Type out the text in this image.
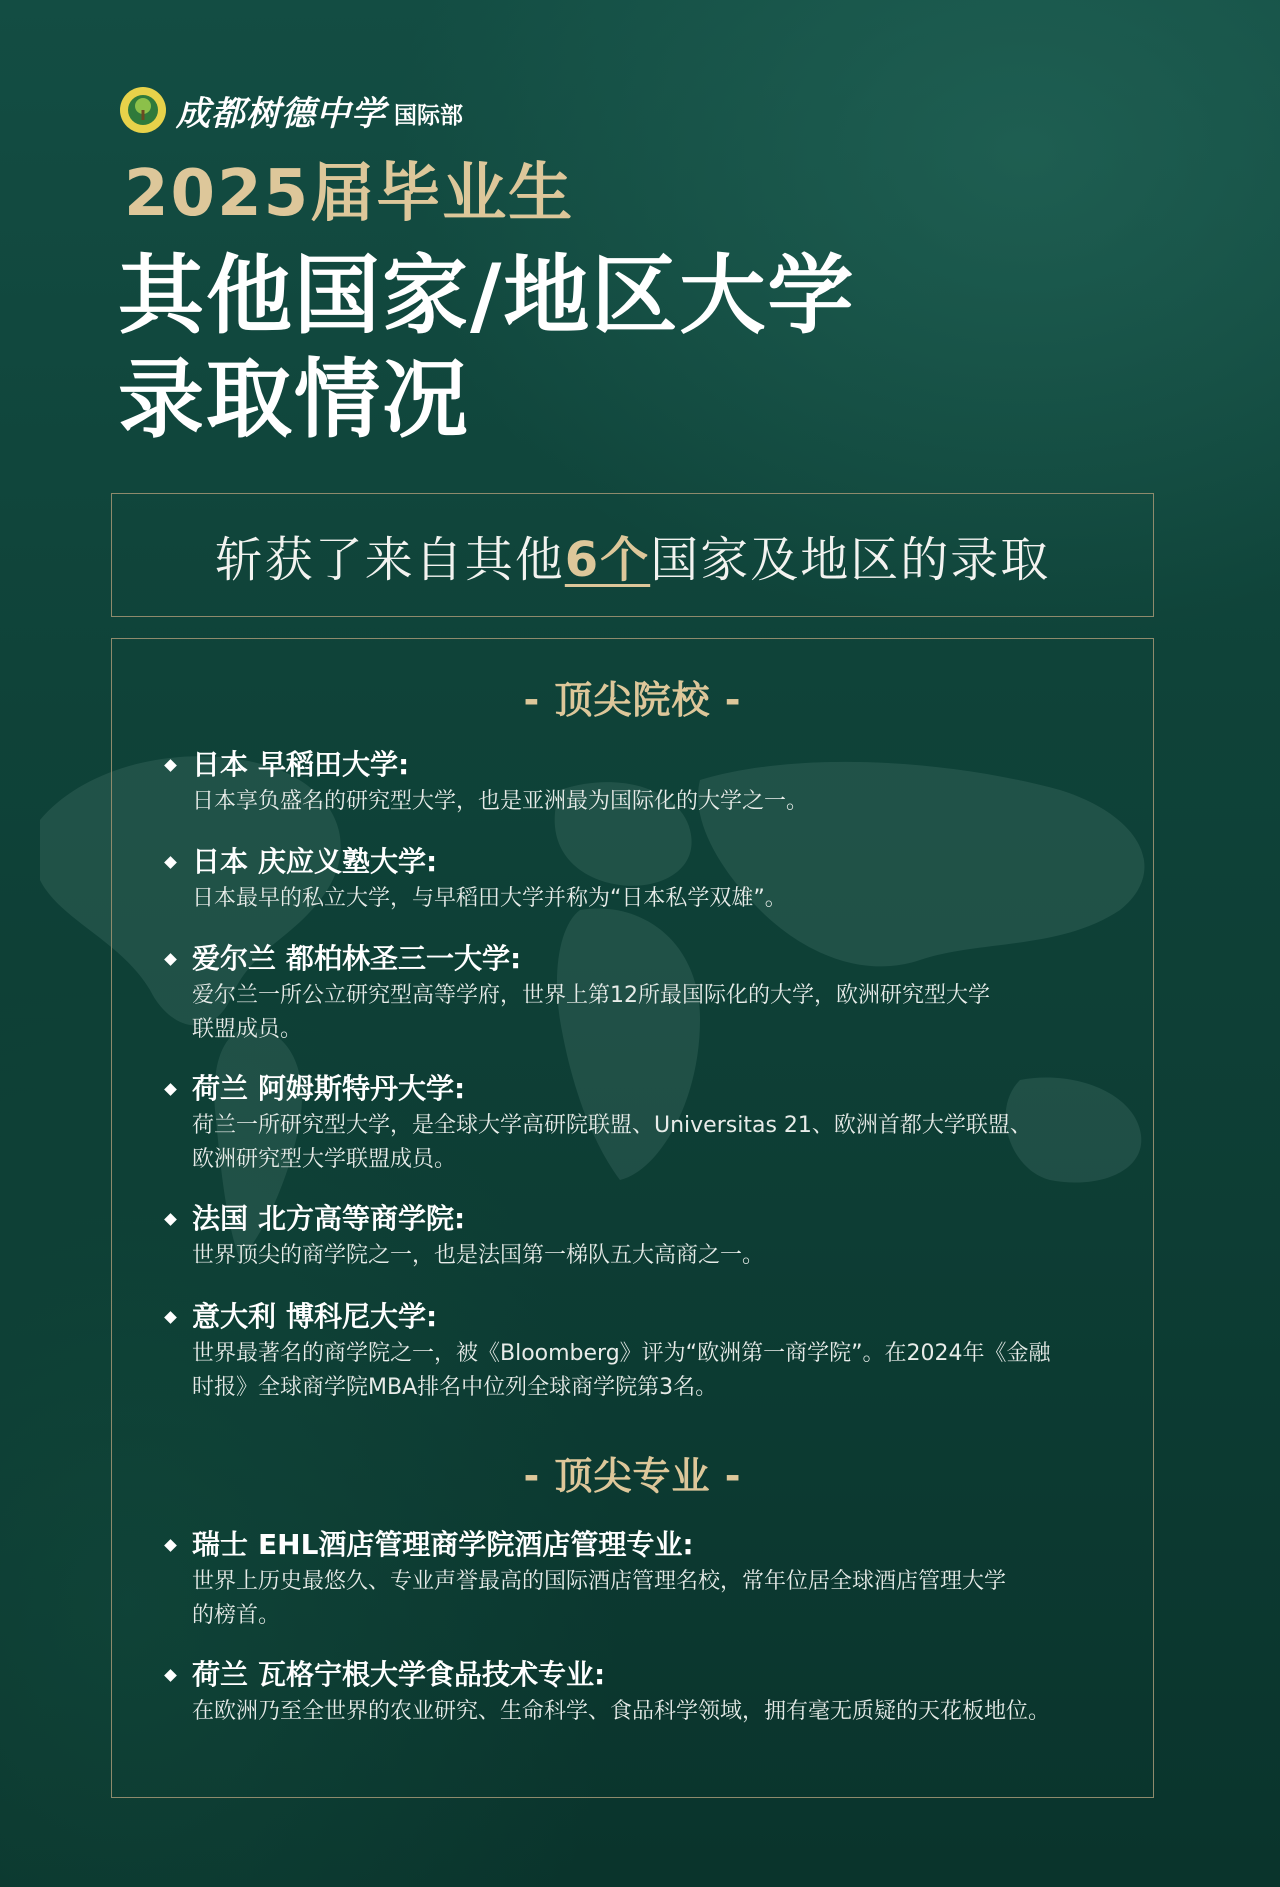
成都树德中学 国际部
2025届毕业生
其他国家/地区大学
录取情况
斩获了来自其他 6个 国家及地区的录取
- 顶尖院校 -
日本 早稻田大学:
日本享负盛名的研究型大学，也是亚洲最为国际化的大学之一。
日本 庆应义塾大学:
日本最早的私立大学，与早稻田大学并称为“日本私学双雄”。
爱尔兰 都柏林圣三一大学:
爱尔兰一所公立研究型高等学府，世界上第12所最国际化的大学，欧洲研究型大学
联盟成员。
荷兰 阿姆斯特丹大学:
荷兰一所研究型大学，是全球大学高研院联盟、Universitas 21、欧洲首都大学联盟、
欧洲研究型大学联盟成员。
法国 北方高等商学院:
世界顶尖的商学院之一，也是法国第一梯队五大高商之一。
意大利 博科尼大学:
世界最著名的商学院之一，被《Bloomberg》评为“欧洲第一商学院”。在2024年《金融
时报》全球商学院MBA排名中位列全球商学院第3名。
- 顶尖专业 -
瑞士 EHL酒店管理商学院酒店管理专业:
世界上历史最悠久、专业声誉最高的国际酒店管理名校，常年位居全球酒店管理大学
的榜首。
荷兰 瓦格宁根大学食品技术专业:
在欧洲乃至全世界的农业研究、生命科学、食品科学领域，拥有毫无质疑的天花板地位。
